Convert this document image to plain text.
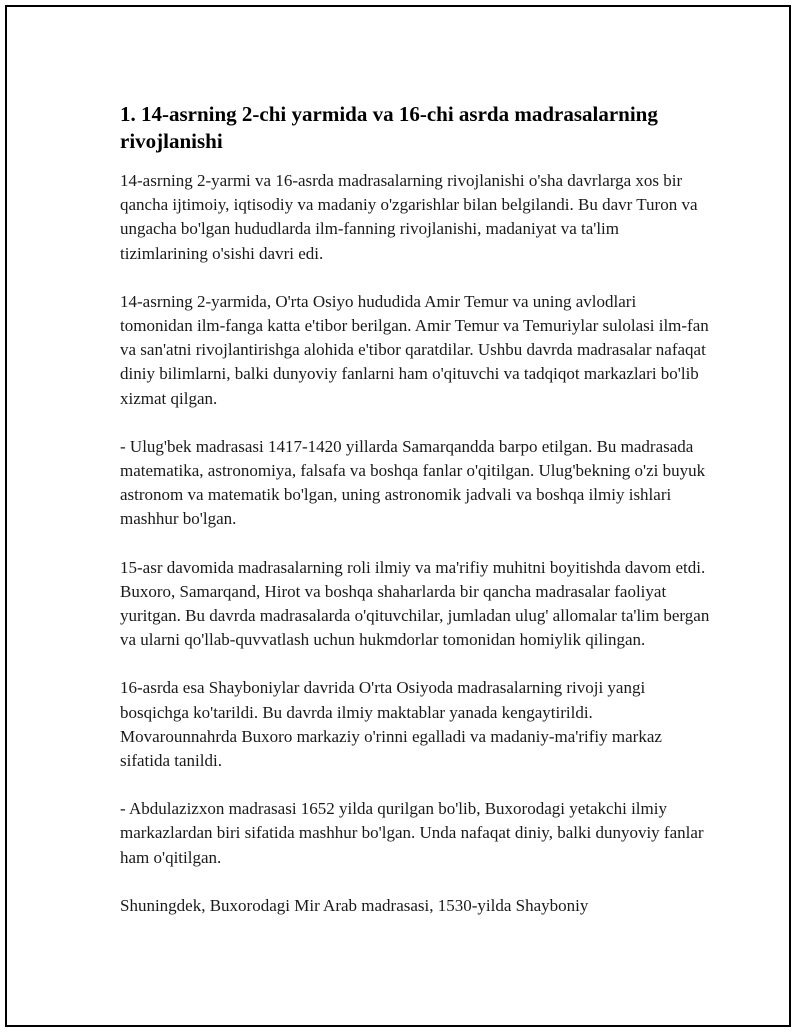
1. 14-asrning 2-chi yarmida va 16-chi asrda madrasalarning rivojlanishi

14-asrning 2-yarmi va 16-asrda madrasalarning rivojlanishi o'sha davrlarga xos bir qancha ijtimoiy, iqtisodiy va madaniy o'zgarishlar bilan belgilandi. Bu davr Turon va ungacha bo'lgan hududlarda ilm-fanning rivojlanishi, madaniyat va ta'lim tizimlarining o'sishi davri edi.

14-asrning 2-yarmida, O'rta Osiyo hududida Amir Temur va uning avlodlari tomonidan ilm-fanga katta e'tibor berilgan. Amir Temur va Temuriylar sulolasi ilm-fan va san'atni rivojlantirishga alohida e'tibor qaratdilar. Ushbu davrda madrasalar nafaqat diniy bilimlarni, balki dunyoviy fanlarni ham o'qituvchi va tadqiqot markazlari bo'lib xizmat qilgan.

- Ulug'bek madrasasi 1417-1420 yillarda Samarqandda barpo etilgan. Bu madrasada matematika, astronomiya, falsafa va boshqa fanlar o'qitilgan. Ulug'bekning o'zi buyuk astronom va matematik bo'lgan, uning astronomik jadvali va boshqa ilmiy ishlari mashhur bo'lgan.

15-asr davomida madrasalarning roli ilmiy va ma'rifiy muhitni boyitishda davom etdi. Buxoro, Samarqand, Hirot va boshqa shaharlarda bir qancha madrasalar faoliyat yuritgan. Bu davrda madrasalarda o'qituvchilar, jumladan ulug' allomalar ta'lim bergan va ularni qo'llab-quvvatlash uchun hukmdorlar tomonidan homiylik qilingan.

16-asrda esa Shayboniylar davrida O'rta Osiyoda madrasalarning rivoji yangi bosqichga ko'tarildi. Bu davrda ilmiy maktablar yanada kengaytirildi. Movarounnahrda Buxoro markaziy o'rinni egalladi va madaniy-ma'rifiy markaz sifatida tanildi.

- Abdulazizxon madrasasi 1652 yilda qurilgan bo'lib, Buxorodagi yetakchi ilmiy markazlardan biri sifatida mashhur bo'lgan. Unda nafaqat diniy, balki dunyoviy fanlar ham o'qitilgan.

Shuningdek, Buxorodagi Mir Arab madrasasi, 1530-yilda Shayboniy
